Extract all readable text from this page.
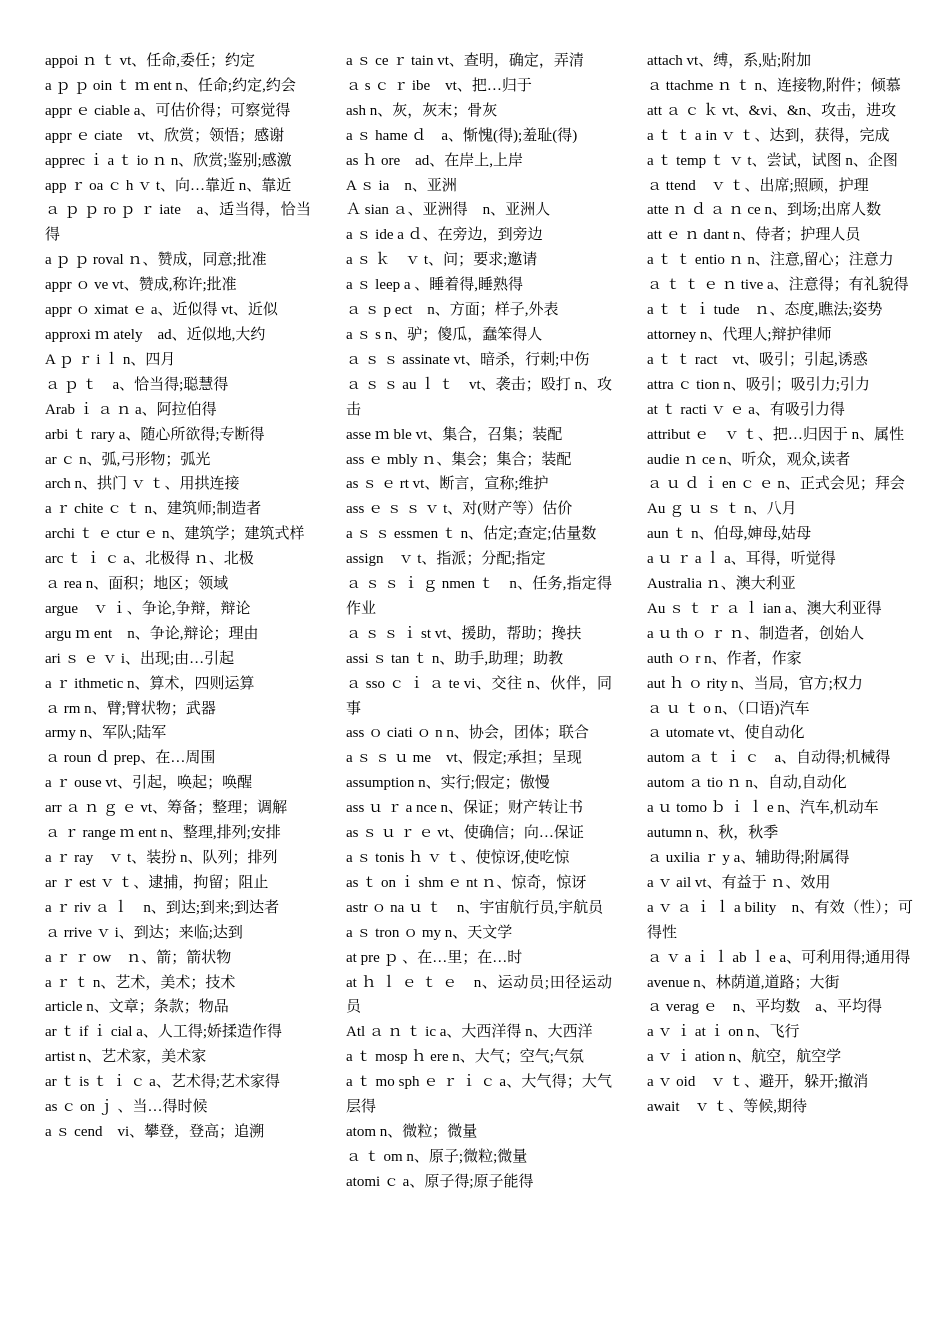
appoi ｎ ｔ vt、任命,委任；约定

a ｐ ｐ oin ｔ ｍ ent n、任命;约定,约会

appr ｅ ciable a、可估价得；可察觉得

appr ｅ ciate　vt、欣赏；领悟；感谢

apprec ｉ a ｔ io ｎ n、欣赏;鉴别;感激

app ｒ oa ｃ h ｖ t、向…靠近 n、靠近

ａ ｐ ｐ ro ｐ ｒ iate　a、适当得，恰当得

a ｐ ｐ roval ｎ、赞成，同意;批准

appr ｏ ve vt、赞成,称许;批准

appr ｏ ximat ｅ a、近似得 vt、近似

approxi ｍ ately　ad、近似地,大约

A ｐ ｒ i ｌ n、四月

ａ ｐ ｔ　a、恰当得;聪慧得

Arab ｉ ａ ｎ a、阿拉伯得

arbi ｔ rary a、随心所欲得;专断得

ar ｃ n、弧,弓形物；弧光

arch n、拱门 ｖ ｔ、用拱连接

a ｒ chite ｃ ｔ n、建筑师;制造者

archi ｔ ｅ ctur ｅ n、建筑学；建筑式样

arc ｔ ｉ ｃ a、北极得 ｎ、北极

ａ rea n、面积；地区；领域

argue　ｖ ｉ、争论,争辩，辩论

argu ｍ ent　n、争论,辩论；理由

ari ｓ ｅ ｖ i、出现;由…引起

a ｒ ithmetic n、算术，四则运算

ａ rm n、臂;臂状物；武器

army n、军队;陆军

ａ roun ｄ prep、在…周围

a ｒ ouse vt、引起，唤起；唤醒

arr ａ ｎ ｇ ｅ vt、筹备；整理；调解

ａ ｒ range ｍ ent n、整理,排列;安排

a ｒ ray　ｖ t、装扮 n、队列；排列

ar ｒ est ｖ ｔ、逮捕，拘留；阻止

a ｒ riv ａ ｌ　n、到达;到来;到达者

ａ rrive ｖ i、到达；来临;达到

a ｒ ｒ ow　ｎ、箭；箭状物

a ｒ ｔ n、艺术，美术；技术

article n、文章；条款；物品

ar ｔ if ｉ cial a、人工得;娇揉造作得

artist n、艺术家，美术家

ar ｔ is ｔ ｉ ｃ a、艺术得;艺术家得

as ｃ on ｊ 、当…得时候

a ｓ cend　vi、攀登，登高；追溯

a ｓ ce ｒ tain vt、查明，确定，弄清

ａ s ｃ ｒ ibe　vt、把…归于

ash n、灰，灰末；骨灰

a ｓ hame ｄ　a、惭愧(得);羞耻(得)

as ｈ ore　ad、在岸上,上岸

A ｓ ia　n、亚洲

Ａ sian ａ、亚洲得　n、亚洲人

a ｓ ide a ｄ、在旁边，到旁边

a ｓ ｋ　ｖ t、问；要求;邀请

a ｓ leep a 、睡着得,睡熟得

ａ ｓ p ect　n、方面；样子,外表

a ｓ s n、驴；傻瓜，蠢笨得人

ａ ｓ ｓ assinate vt、暗杀，行刺;中伤

ａ ｓ ｓ au ｌ ｔ　vt、袭击；殴打 n、攻击

asse ｍ ble vt、集合，召集；装配

ass ｅ mbly ｎ、集会；集合；装配

as ｓ ｅ rt vt、断言，宣称;维护

ass ｅ ｓ ｓ ｖ t、对(财产等）估价

a ｓ ｓ essmen ｔ n、估定;查定;估量数

assign　ｖ t、指派；分配;指定

ａ ｓ ｓ ｉ ｇ nmen ｔ　n、任务,指定得作业

ａ ｓ ｓ ｉ st vt、援助，帮助；搀扶

assi ｓ tan ｔ n、助手,助理；助教

ａ sso ｃ ｉ ａ te vi、交往 n、伙伴，同事

ass ｏ ciati ｏ n n、协会，团体；联合

a ｓ ｓ ｕ me　vt、假定;承担；呈现

assumption n、实行;假定；傲慢

ass ｕ ｒ a nce n、保证；财产转让书

as ｓ ｕ ｒ ｅ vt、使确信；向…保证

a ｓ tonis ｈ ｖ ｔ、使惊讶,使吃惊

as ｔ on ｉ shm ｅ nt ｎ、惊奇，惊讶

astr ｏ na ｕ ｔ　n、宇宙航行员,宇航员

a ｓ tron ｏ my n、天文学

at pre ｐ 、在…里；在…时

at ｈ ｌ ｅ ｔ ｅ　n、运动员;田径运动员

Atl ａ ｎ ｔ ic a、大西洋得 n、大西洋

a ｔ mosp ｈ ere n、大气；空气;气氛

a ｔ mo sph ｅ ｒ ｉ ｃ a、大气得；大气层得

atom n、微粒；微量

ａ ｔ om n、原子;微粒;微量

atomi ｃ a、原子得;原子能得

attach vt、缚，系,贴;附加

ａ ttachme ｎ ｔ n、连接物,附件；倾慕

att ａ ｃ ｋ vt、&vi、&n、攻击，进攻

a ｔ ｔ a in ｖ ｔ、达到，获得，完成

a ｔ temp ｔ ｖ t、尝试，试图 n、企图

ａ ttend　ｖ ｔ、出席;照顾，护理

atte ｎ ｄ ａ ｎ ce n、到场;出席人数

att ｅ ｎ dant n、侍者；护理人员

a ｔ ｔ entio ｎ n、注意,留心；注意力

ａ ｔ ｔ ｅ ｎ tive a、注意得；有礼貌得

a ｔ ｔ ｉ tude　ｎ、态度,瞧法;姿势

attorney n、代理人;辩护律师

a ｔ ｔ ract　vt、吸引；引起,诱惑

attra ｃ tion n、吸引；吸引力;引力

at ｔ racti ｖ ｅ a、有吸引力得

attribut ｅ　ｖ ｔ、把…归因于 n、属性

audie ｎ ce n、听众，观众,读者

ａ ｕ ｄ ｉ en ｃ ｅ n、正式会见；拜会

Au ｇ ｕ ｓ ｔ n、八月

aun ｔ n、伯母,婶母,姑母

a ｕ ｒ a ｌ a、耳得，听觉得

Australia ｎ、澳大利亚

Au ｓ ｔ ｒ ａ ｌ ian a、澳大利亚得

a ｕ th ｏ ｒ ｎ、制造者，创始人

auth ｏ r n、作者，作家

aut ｈ ｏ rity n、当局，官方;权力

ａ ｕ ｔ o n、（口语)汽车

ａ utomate vt、使自动化

autom ａ ｔ ｉ ｃ　a、自动得;机械得

autom ａ tio ｎ n、自动,自动化

a ｕ tomo ｂ ｉ ｌ e n、汽车,机动车

autumn n、秋，秋季

ａ uxilia ｒ y a、辅助得;附属得

a ｖ ail vt、有益于 ｎ、效用

a ｖ ａ ｉ ｌ a bility　n、有效（性）；可得性

ａ ｖ a ｉ ｌ ab ｌ e a、可利用得;通用得

avenue n、林荫道,道路；大街

ａ verag ｅ　n、平均数　a、平均得

a ｖ ｉ at ｉ on n、飞行

a ｖ ｉ ation n、航空，航空学

a ｖ oid　ｖ ｔ、避开，躲开;撤消

await　ｖ ｔ、等候,期待
